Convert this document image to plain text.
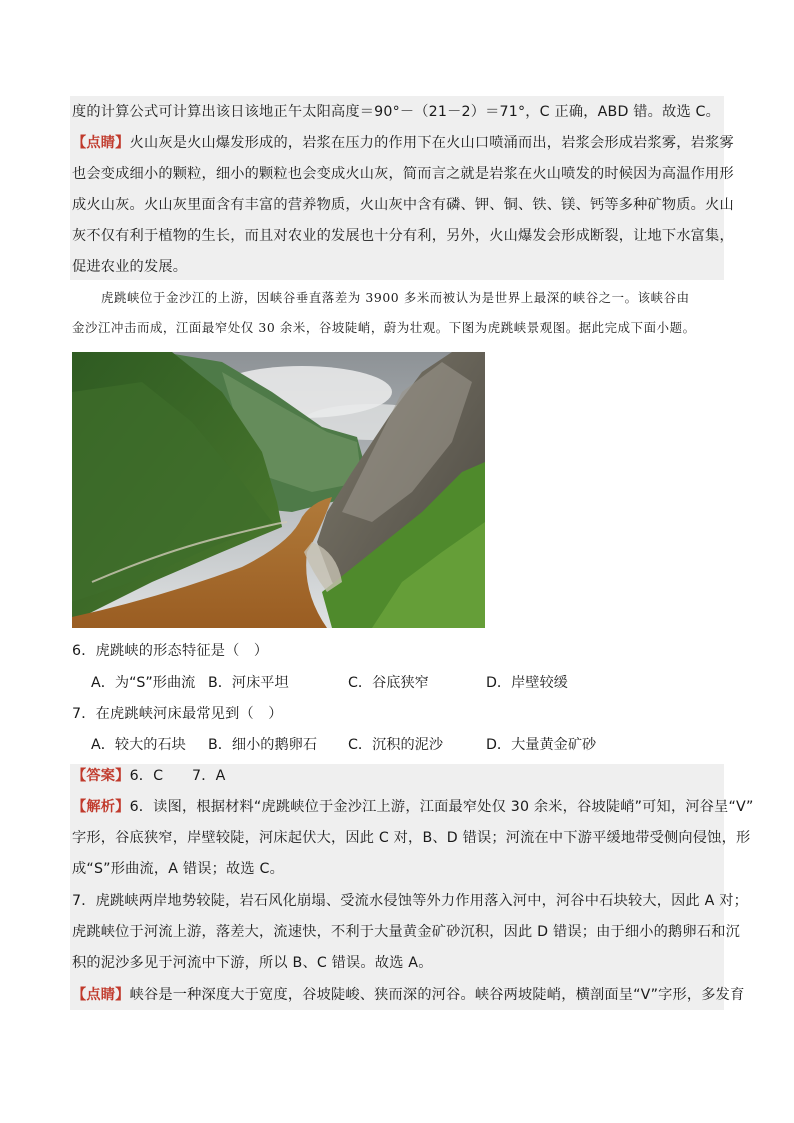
度的计算公式可计算出该日该地正午太阳高度＝90°－（21－2）＝71°，C 正确，ABD 错。故选 C。
【点睛】火山灰是火山爆发形成的，岩浆在压力的作用下在火山口喷涌而出，岩浆会形成岩浆雾，岩浆雾
也会变成细小的颗粒，细小的颗粒也会变成火山灰，简而言之就是岩浆在火山喷发的时候因为高温作用形
成火山灰。火山灰里面含有丰富的营养物质，火山灰中含有磷、钾、铜、铁、镁、钙等多种矿物质。火山
灰不仅有利于植物的生长，而且对农业的发展也十分有利，另外，火山爆发会形成断裂，让地下水富集，
促进农业的发展。
虎跳峡位于金沙江的上游，因峡谷垂直落差为 3900 多米而被认为是世界上最深的峡谷之一。该峡谷由
金沙江冲击而成，江面最窄处仅 30 余米，谷坡陡峭，蔚为壮观。下图为虎跳峡景观图。据此完成下面小题。
6．虎跳峡的形态特征是（　）
A．为“S”形曲流 B．河床平坦	C．谷底狭窄	D．岸壁较缓
7．在虎跳峡河床最常见到（　）
A．较大的石块 B．细小的鹅卵石 C．沉积的泥沙	D．大量黄金矿砂
【答案】6．C　　7．A
【解析】6．读图，根据材料“虎跳峡位于金沙江上游，江面最窄处仅 30 余米，谷坡陡峭”可知，河谷呈“V”
字形，谷底狭窄，岸壁较陡，河床起伏大，因此 C 对，B、D 错误；河流在中下游平缓地带受侧向侵蚀，形
成“S”形曲流，A 错误；故选 C。
7．虎跳峡两岸地势较陡，岩石风化崩塌、受流水侵蚀等外力作用落入河中，河谷中石块较大，因此 A 对；
虎跳峡位于河流上游，落差大，流速快，不利于大量黄金矿砂沉积，因此 D 错误；由于细小的鹅卵石和沉
积的泥沙多见于河流中下游，所以 B、C 错误。故选 A。
【点睛】峡谷是一种深度大于宽度，谷坡陡峻、狭而深的河谷。峡谷两坡陡峭，横剖面呈“V”字形，多发育
